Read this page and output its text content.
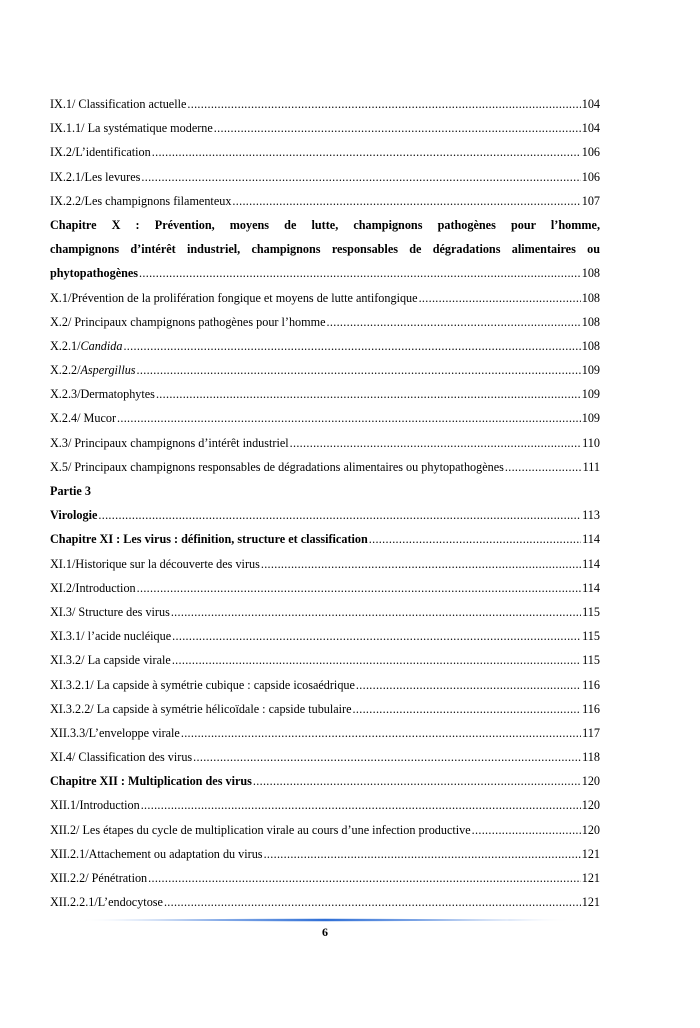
IX.1/ Classification actuelle .....	104
IX.1.1/ La systématique moderne .....	104
IX.2/L’identification .....	106
IX.2.1/Les levures .....	106
IX.2.2/Les champignons filamenteux .....	107
Chapitre X : Prévention, moyens de lutte, champignons pathogènes pour l’homme,
champignons d’intérêt industriel, champignons responsables de dégradations alimentaires ou
phytopathogènes .....	108
X.1/Prévention de la prolifération fongique et moyens de lutte antifongique .....	108
X.2/ Principaux champignons pathogènes pour l’homme .....	108
X.2.1/Candida .....	108
X.2.2/Aspergillus .....	109
X.2.3/Dermatophytes .....	109
X.2.4/ Mucor .....	109
X.3/ Principaux champignons d’intérêt industriel .....	110
X.5/ Principaux champignons responsables de dégradations alimentaires ou phytopathogènes .....	111
Partie 3
Virologie .....	113
Chapitre XI : Les virus : définition, structure et classification .....	114
XI.1/Historique sur la découverte des virus .....	114
XI.2/Introduction .....	114
XI.3/ Structure des virus .....	115
XI.3.1/ l’acide nucléique .....	115
XI.3.2/ La capside virale .....	115
XI.3.2.1/ La capside à symétrie cubique : capside icosaédrique .....	116
XI.3.2.2/ La capside à symétrie hélicoïdale : capside tubulaire .....	116
XII.3.3/L’enveloppe virale .....	117
XI.4/ Classification des virus .....	118
Chapitre XII : Multiplication des virus .....	120
XII.1/Introduction .....	120
XII.2/ Les étapes du cycle de multiplication virale au cours d’une infection productive .....	120
XII.2.1/Attachement ou adaptation du virus .....	121
XII.2.2/ Pénétration .....	121
XII.2.2.1/L’endocytose .....	121
6
